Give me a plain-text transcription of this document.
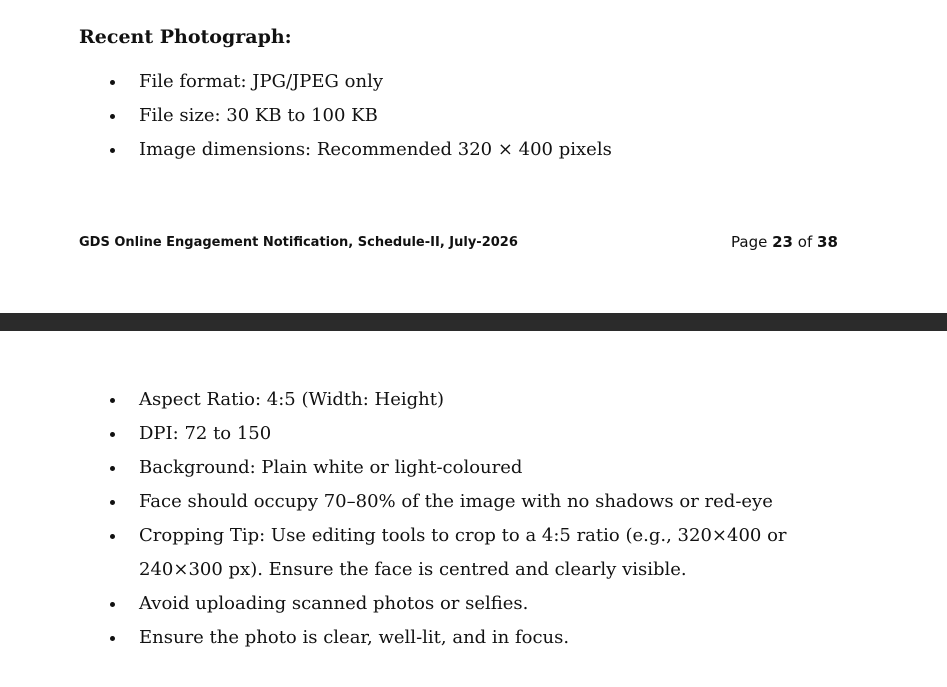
Recent Photograph:
File format: JPG/JPEG only
File size: 30 KB to 100 KB
Image dimensions: Recommended 320 × 400 pixels
GDS Online Engagement Notification, Schedule-II, July-2026	Page 23 of 38
Aspect Ratio: 4:5 (Width: Height)
DPI: 72 to 150
Background: Plain white or light-coloured
Face should occupy 70–80% of the image with no shadows or red-eye
Cropping Tip: Use editing tools to crop to a 4:5 ratio (e.g., 320×400 or 240×300 px). Ensure the face is centred and clearly visible.
Avoid uploading scanned photos or selfies.
Ensure the photo is clear, well-lit, and in focus.
